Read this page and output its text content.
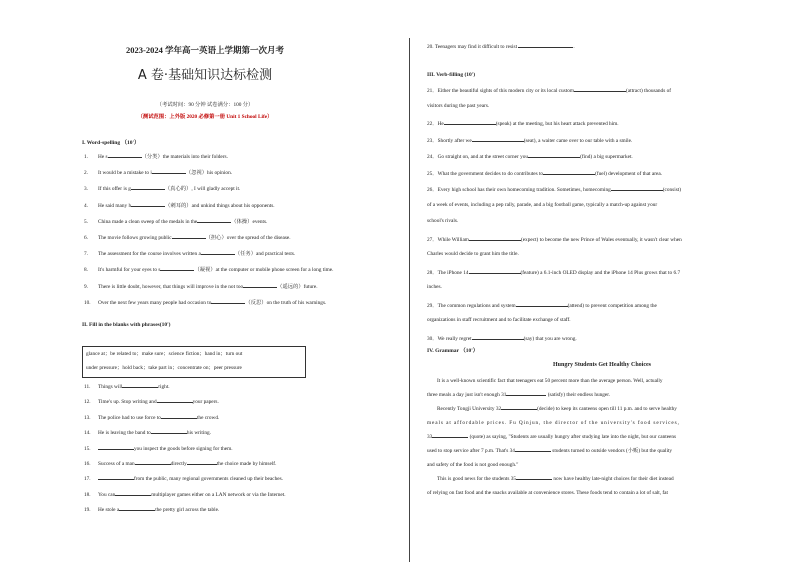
2023-2024 学年高一英语上学期第一次月考
A 卷·基础知识达标检测
（考试时间：90 分钟 试卷满分：100 分）
（测试范围：上外版 2020 必修第一册 Unit 1 School Life）
I. Word-spelling （10'）
1. He s	（分类）the materials into their folders.
2. It would be a mistake to i	（忽视）his opinion.
3. If this offer is g	（真心的）, I will gladly accept it.
4. He said many h	（刺耳的）and unkind things about his opponents.
5. China made a clean sweep of the medals in the	（体操）events.
6. The movie follows growing public	（担心）over the spread of the disease.
7. The assessment for the course involves written a	（任务）and practical tests.
8. It's harmful for your eyes to s	（凝视）at the computer or mobile phone screen for a long time.
9. There is little doubt, however, that things will improve in the not too	（遥远的）future.
10. Over the next few years many people had occasion to	（反思）on the truth of his warnings.
II. Fill in the blanks with phrases(10')
glance at；be related to；make sure；science fiction；hand in；turn out
under pressure；hold back；take part in；concentrate on；peer pressure
11. Things will	right.
12. Time's up. Stop writing and	your papers.
13. The police had to use force to	the crowd.
14. He is leaving the band to	his writing.
15.	you inspect the goods before signing for them.
16. Success of a man	directly	the choice made by himself.
17.	from the public, many regional governments cleaned up their beaches.
18. You can	multiplayer games either on a LAN network or via the Internet.
19. He stole a	the pretty girl across the table.
20. Teenagers may find it difficult to resist	.
III. Verb-filling (10')
21．Either the beautiful sights of this modern city or its local custom	(attract) thousands of
visitors during the past years.
22．He	(speak) at the meeting, but his heart attack prevented him.
23．Shortly after we	(seat), a waiter came over to our table with a smile.
24．Go straight on, and at the street corner you	(find) a big supermarket.
25．What the government decides to do contributes to	(fuel) development of that area.
26．Every high school has their own homecoming tradition. Sometimes, homecoming	(consist)
of a week of events, including a pep rally, parade, and a big football game, typically a match-up against your
school's rivals.
27．While William	(expect) to become the new Prince of Wales eventually, it wasn't clear when
Charles would decide to grant him the title.
28．The iPhone 14	(feature) a 6.1-inch OLED display and the iPhone 14 Plus grows that to 6.7
inches.
29．The common regulations and system	(attend) to prevent competition among the
organizations in staff recruitment and to facilitate exchange of staff.
30．We really regret	(say) that you are wrong.
IV. Grammar （10'）
Hungry Students Get Healthy Choices
It is a well-known scientific fact that teenagers eat 50 percent more than the average person. Well, actually
three meals a day just isn't enough 31	(satisfy) their endless hunger.
Recently Tongji University 32	(decide) to keep its canteens open till 11 p.m. and to serve healthy
meals at affordable prices. Fu Qinjun, the director of the university's food services,
33	(quote) as saying, "Students are usually hungry after studying late into the night, but our canteens
used to stop service after 7 p.m. That's 34	students turned to outside vendors (小贩) but the quality
and safety of the food is not good enough."
This is good news for the students 35	now have healthy late-night choices for their diet instead
of relying on fast food and the snacks available at convenience stores. These foods tend to contain a lot of salt, fat
